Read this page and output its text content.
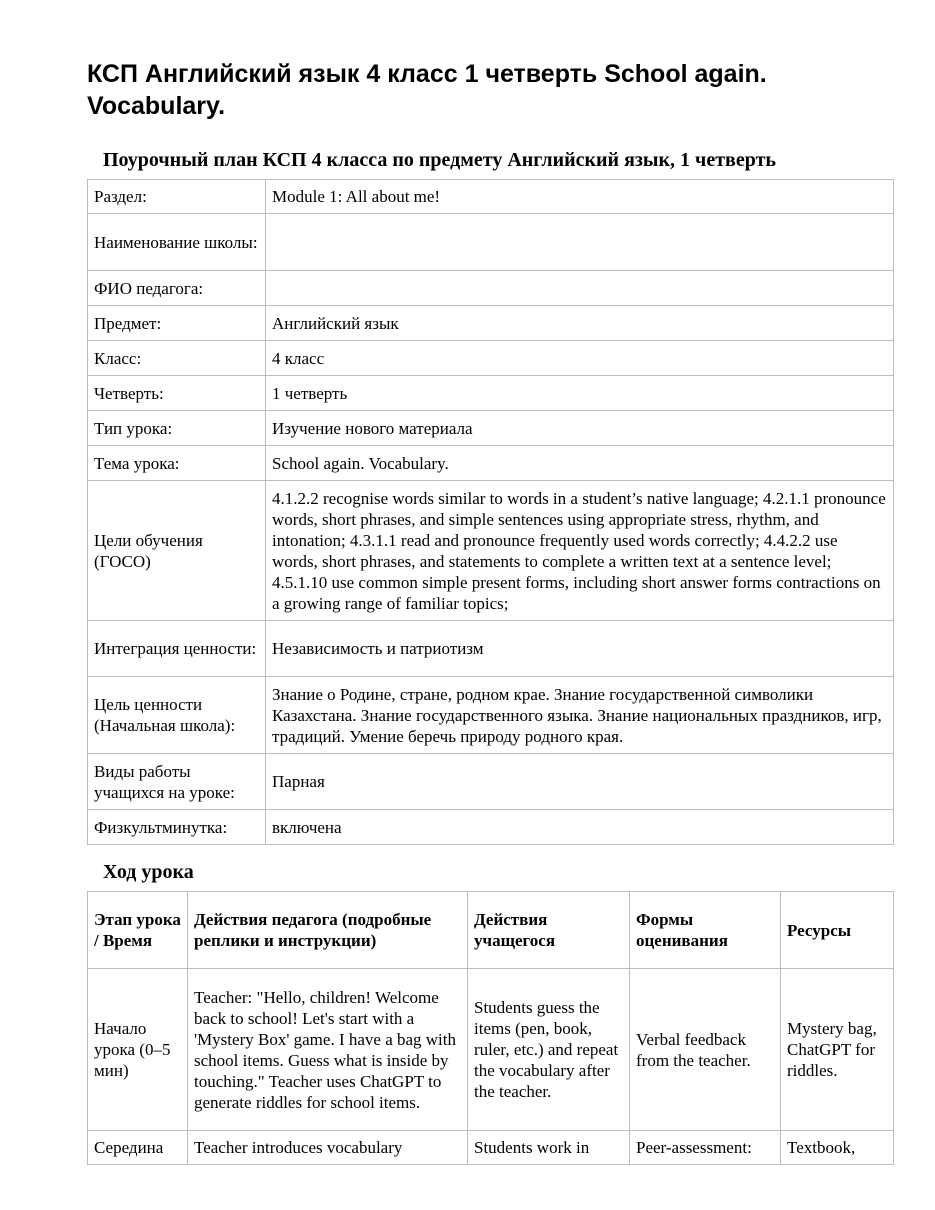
КСП Английский язык 4 класс 1 четверть School again. Vocabulary.
Поурочный план КСП 4 класса по предмету Английский язык, 1 четверть
Раздел:	Module 1: All about me!
Наименование школы:	
ФИО педагога:	
Предмет:	Английский язык
Класс:	4 класс
Четверть:	1 четверть
Тип урока:	Изучение нового материала
Тема урока:	School again. Vocabulary.
Цели обучения (ГОСО)	4.1.2.2 recognise words similar to words in a student’s native language; 4.2.1.1 pronounce words, short phrases, and simple sentences using appropriate stress, rhythm, and intonation; 4.3.1.1 read and pronounce frequently used words correctly; 4.4.2.2 use words, short phrases, and statements to complete a written text at a sentence level; 4.5.1.10 use common simple present forms, including short answer forms contractions on a growing range of familiar topics;
Интеграция ценности:	Независимость и патриотизм
Цель ценности (Начальная школа):	Знание о Родине, стране, родном крае. Знание государственной символики Казахстана. Знание государственного языка. Знание национальных праздников, игр, традиций. Умение беречь природу родного края.
Виды работы учащихся на уроке:	Парная
Физкультминутка:	включена
Ход урока
Этап урока / Время	Действия педагога (подробные реплики и инструкции)	Действия учащегося	Формы оценивания	Ресурсы
Начало урока (0–5 мин)	Teacher: "Hello, children! Welcome back to school! Let's start with a 'Mystery Box' game. I have a bag with school items. Guess what is inside by touching." Teacher uses ChatGPT to generate riddles for school items.	Students guess the items (pen, book, ruler, etc.) and repeat the vocabulary after the teacher.	Verbal feedback from the teacher.	Mystery bag, ChatGPT for riddles.
Середина	Teacher introduces vocabulary	Students work in	Peer-assessment:	Textbook,
